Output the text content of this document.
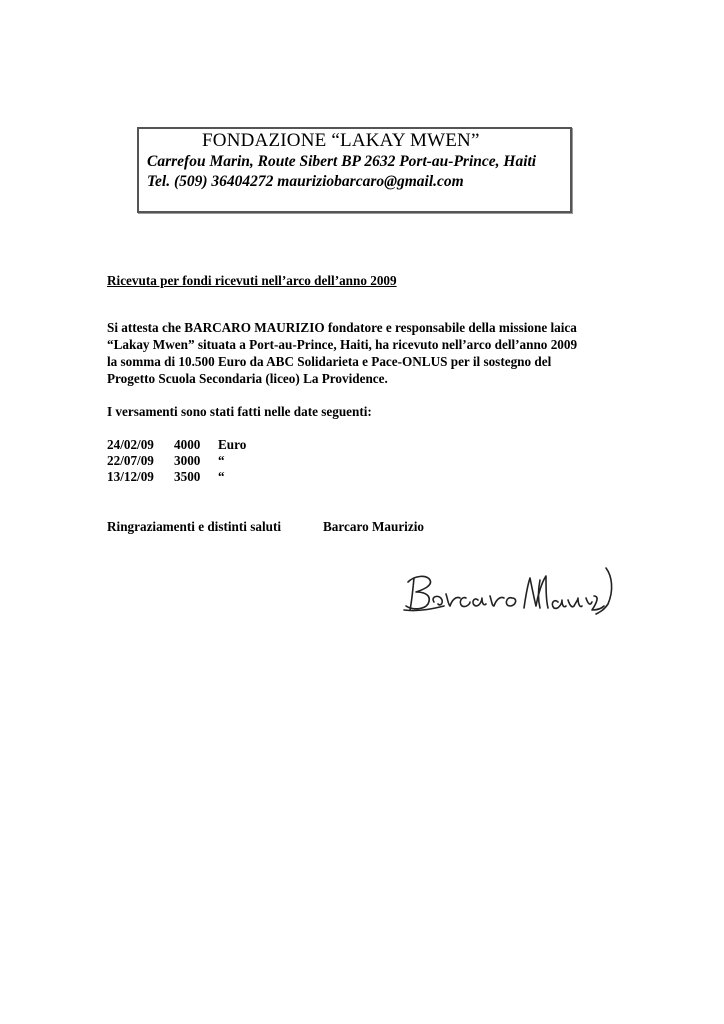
FONDAZIONE “LAKAY MWEN”
Carrefou Marin, Route Sibert BP 2632 Port-au-Prince, Haiti
Tel. (509) 36404272 mauriziobarcaro@gmail.com
Ricevuta per fondi ricevuti nell’arco dell’anno 2009
Si attesta che BARCARO MAURIZIO fondatore e responsabile della missione laica
“Lakay Mwen” situata a Port-au-Prince, Haiti, ha ricevuto nell’arco dell’anno 2009
la somma di 10.500 Euro da ABC Solidarieta e Pace-ONLUS per il sostegno del
Progetto Scuola Secondaria (liceo) La Providence.
I versamenti sono stati fatti nelle date seguenti:
24/02/09 4000 Euro
22/07/09 3000 “
13/12/09 3500 “
Ringraziamenti e distinti saluti	Barcaro Maurizio
